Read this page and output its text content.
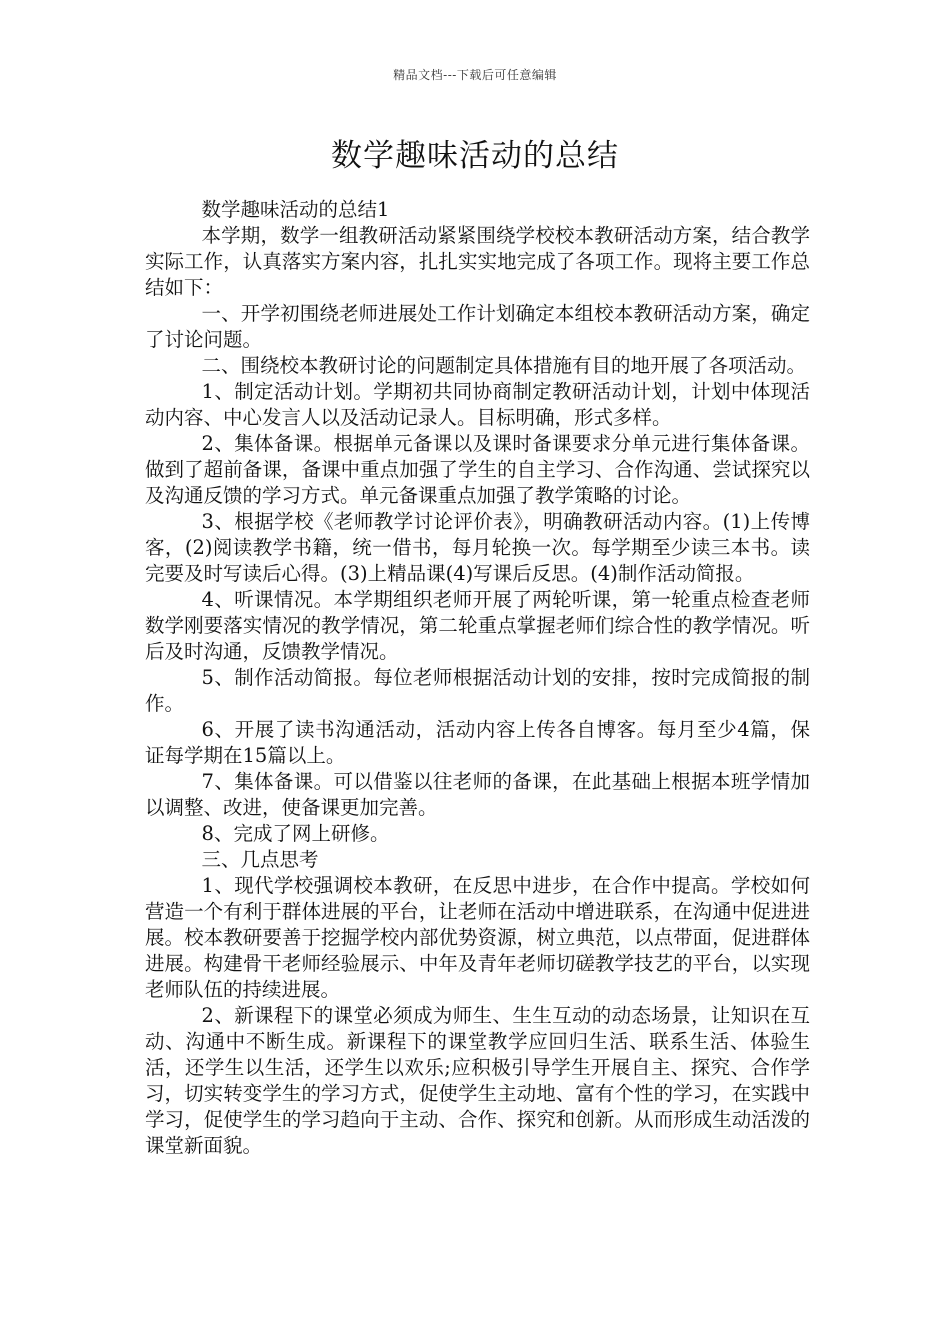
精品文档---下载后可任意编辑
数学趣味活动的总结

数学趣味活动的总结1

本学期，数学一组教研活动紧紧围绕学校校本教研活动方案，结合教学实际工作，认真落实方案内容，扎扎实实地完成了各项工作。现将主要工作总结如下：

一、开学初围绕老师进展处工作计划确定本组校本教研活动方案，确定了讨论问题。

二、围绕校本教研讨论的问题制定具体措施有目的地开展了各项活动。

1、制定活动计划。学期初共同协商制定教研活动计划，计划中体现活动内容、中心发言人以及活动记录人。目标明确，形式多样。

2、集体备课。根据单元备课以及课时备课要求分单元进行集体备课。做到了超前备课，备课中重点加强了学生的自主学习、合作沟通、尝试探究以及沟通反馈的学习方式。单元备课重点加强了教学策略的讨论。

3、根据学校《老师教学讨论评价表》，明确教研活动内容。(1)上传博客，(2)阅读教学书籍，统一借书，每月轮换一次。每学期至少读三本书。读完要及时写读后心得。(3)上精品课(4)写课后反思。(4)制作活动简报。

4、听课情况。本学期组织老师开展了两轮听课，第一轮重点检查老师数学刚要落实情况的教学情况，第二轮重点掌握老师们综合性的教学情况。听后及时沟通，反馈教学情况。

5、制作活动简报。每位老师根据活动计划的安排，按时完成简报的制作。

6、开展了读书沟通活动，活动内容上传各自博客。每月至少4篇，保证每学期在15篇以上。

7、集体备课。可以借鉴以往老师的备课，在此基础上根据本班学情加以调整、改进，使备课更加完善。

8、完成了网上研修。

三、几点思考

1、现代学校强调校本教研，在反思中进步，在合作中提高。学校如何营造一个有利于群体进展的平台，让老师在活动中增进联系，在沟通中促进进展。校本教研要善于挖掘学校内部优势资源，树立典范，以点带面，促进群体进展。构建骨干老师经验展示、中年及青年老师切磋教学技艺的平台，以实现老师队伍的持续进展。

2、新课程下的课堂必须成为师生、生生互动的动态场景，让知识在互动、沟通中不断生成。新课程下的课堂教学应回归生活、联系生活、体验生活，还学生以生活，还学生以欢乐;应积极引导学生开展自主、探究、合作学习，切实转变学生的学习方式，促使学生主动地、富有个性的学习，在实践中学习，促使学生的学习趋向于主动、合作、探究和创新。从而形成生动活泼的课堂新面貌。
